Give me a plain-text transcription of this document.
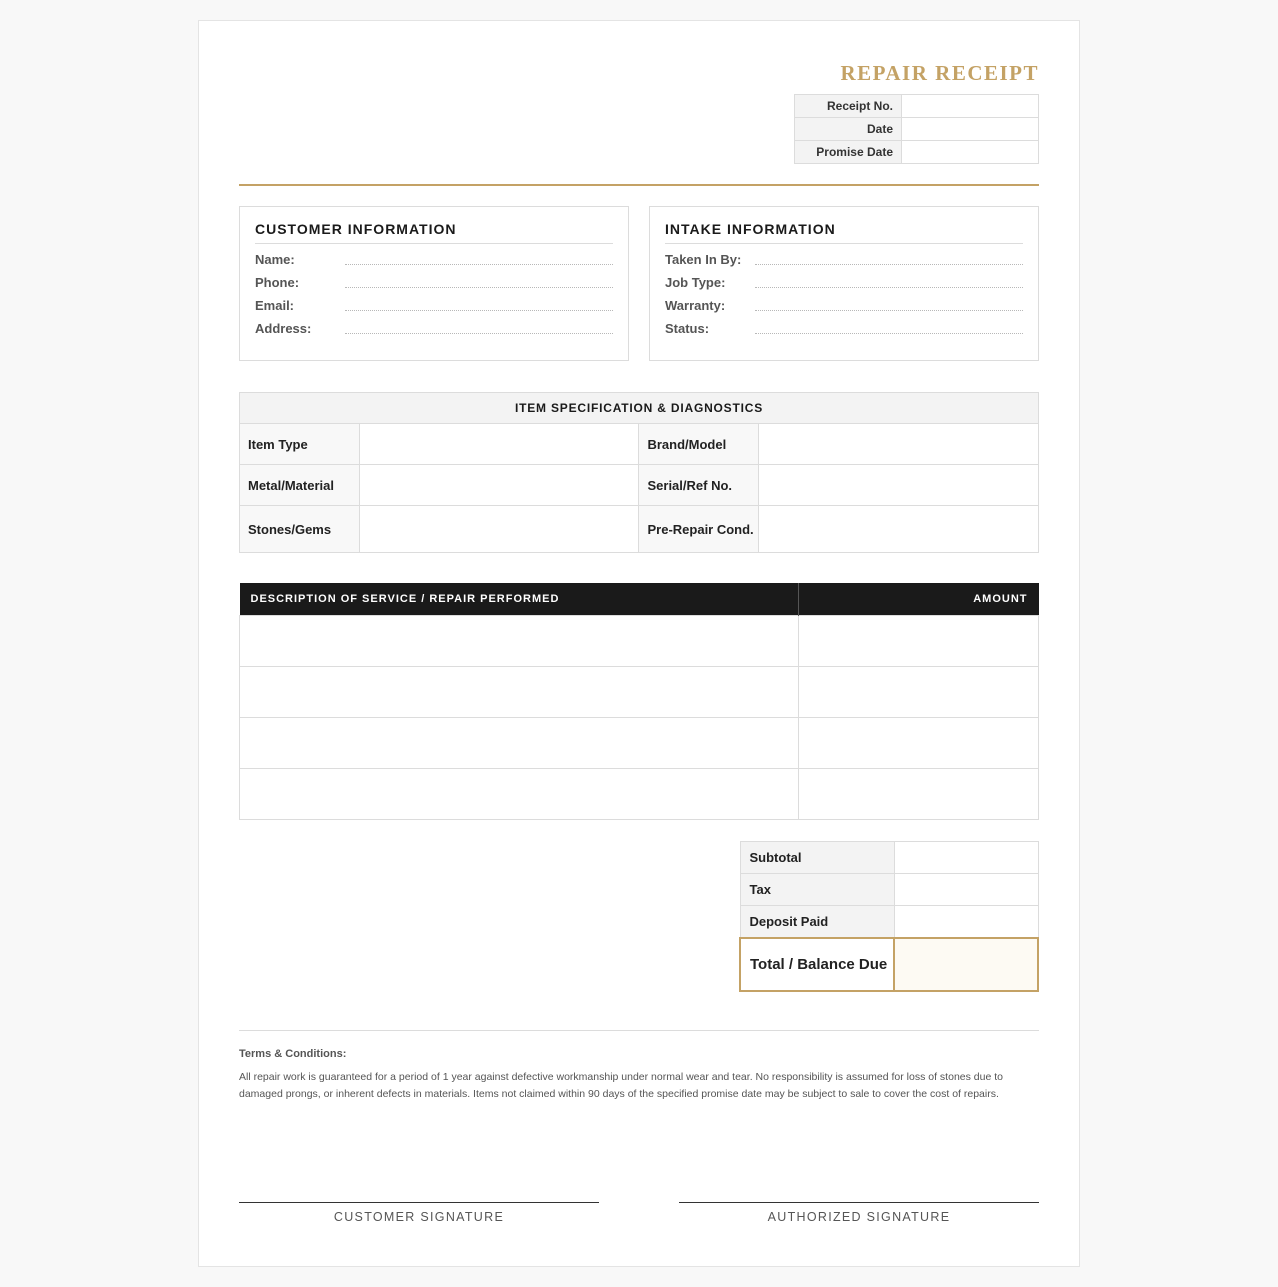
REPAIR RECEIPT
Receipt No.	
Date	
Promise Date	
CUSTOMER INFORMATION
Name:
Phone:
Email:
Address:
INTAKE INFORMATION
Taken In By:
Job Type:
Warranty:
Status:
ITEM SPECIFICATION & DIAGNOSTICS			
Item Type		Brand/Model	
Metal/Material		Serial/Ref No.	
Stones/Gems		Pre-Repair Cond.	
DESCRIPTION OF SERVICE / REPAIR PERFORMED	AMOUNT

Subtotal	
Tax	
Deposit Paid	
Total / Balance Due	
Terms & Conditions:
All repair work is guaranteed for a period of 1 year against defective workmanship under normal wear and tear. No responsibility is assumed for loss of stones due to damaged prongs, or inherent defects in materials. Items not claimed within 90 days of the specified promise date may be subject to sale to cover the cost of repairs.
CUSTOMER SIGNATURE	AUTHORIZED SIGNATURE
